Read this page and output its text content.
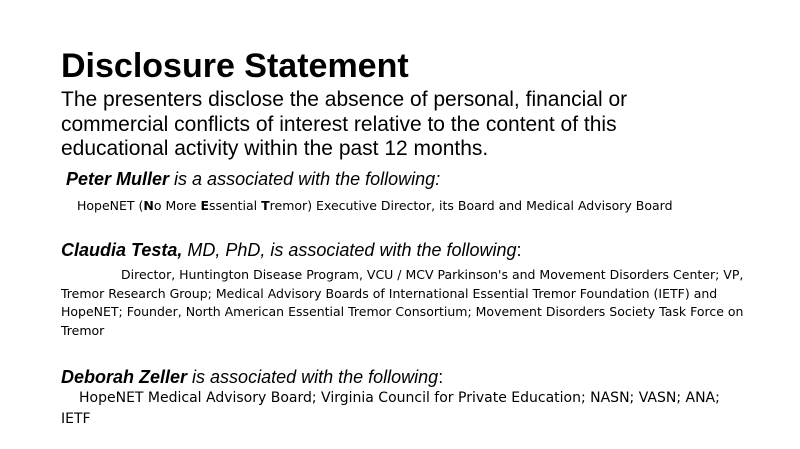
Disclosure Statement
The presenters disclose the absence of personal, financial or commercial conflicts of interest relative to the content of this educational activity within the past 12 months.
Peter Muller is a associated with the following:
HopeNET (No More Essential Tremor) Executive Director, its Board and Medical Advisory Board
Claudia Testa, MD, PhD, is associated with the following:
Director, Huntington Disease Program, VCU / MCV Parkinson's and Movement Disorders Center; VP, Tremor Research Group; Medical Advisory Boards of International Essential Tremor Foundation (IETF) and HopeNET; Founder, North American Essential Tremor Consortium; Movement Disorders Society Task Force on Tremor
Deborah Zeller is associated with the following:
HopeNET Medical Advisory Board; Virginia Council for Private Education; NASN; VASN; ANA; IETF
